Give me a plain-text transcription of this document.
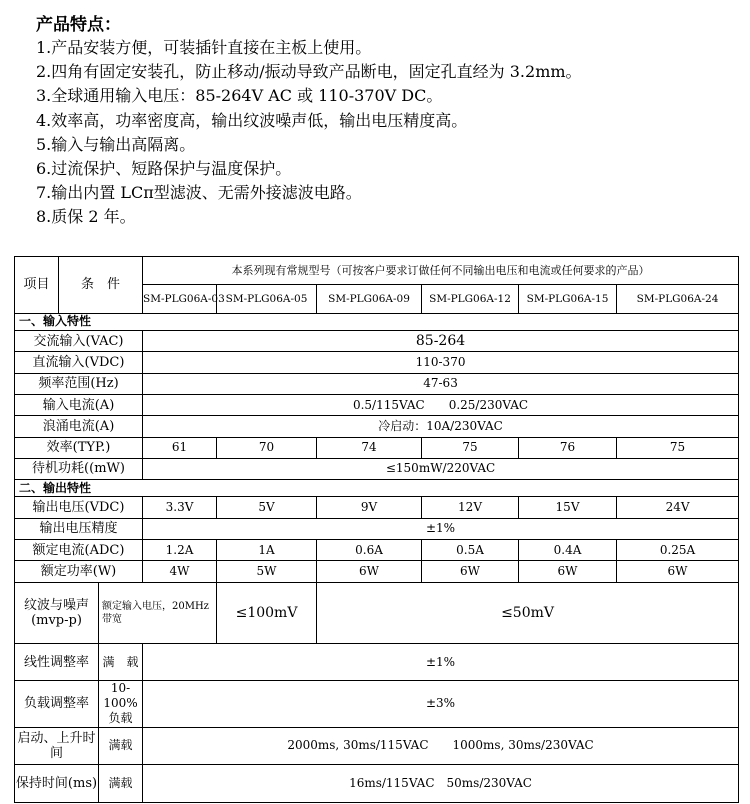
产品特点：
1.产品安装方便，可装插针直接在主板上使用。
2.四角有固定安装孔，防止移动/振动导致产品断电，固定孔直经为 3.2mm。
3.全球通用输入电压：85-264V AC 或 110-370V DC。
4.效率高，功率密度高，输出纹波噪声低，输出电压精度高。
5.输入与输出高隔离。
6.过流保护、短路保护与温度保护。
7.输出内置 LCπ型滤波、无需外接滤波电路。
8.质保 2 年。
项目	条　件		本系列现有常规型号（可按客户要求订做任何不同输出电压和电流或任何要求的产品）					
			SM-PLG06A-03	SM-PLG06A-05	SM-PLG06A-09	SM-PLG06A-12	SM-PLG06A-15	SM-PLG06A-24
一、输入特性								
交流输入(VAC)			85-264					
直流输入(VDC)			110-370					
频率范围(Hz)			47-63					
输入电流(A)			0.5/115VAC　　0.25/230VAC					
浪涌电流(A)			冷启动：10A/230VAC					
效率(TYP.)			61	70	74	75	76	75
待机功耗((mW)			≤150mW/220VAC					
二、输出特性								
输出电压(VDC)			3.3V	5V	9V	12V	15V	24V
输出电压精度			±1%					
额定电流(ADC)			1.2A	1A	0.6A	0.5A	0.4A	0.25A
额定功率(W)			4W	5W	6W	6W	6W	6W
纹波与噪声(mvp-p)		额定输入电压，20MHz 带宽		≤100mV	≤50mV			
线性调整率		满　载	±1%					
负载调整率		10-100%负载	±3%					
启动、上升时　间		满载	2000ms, 30ms/115VAC　　1000ms, 30ms/230VAC					
保持时间(ms)		满载	16ms/115VAC　50ms/230VAC					
